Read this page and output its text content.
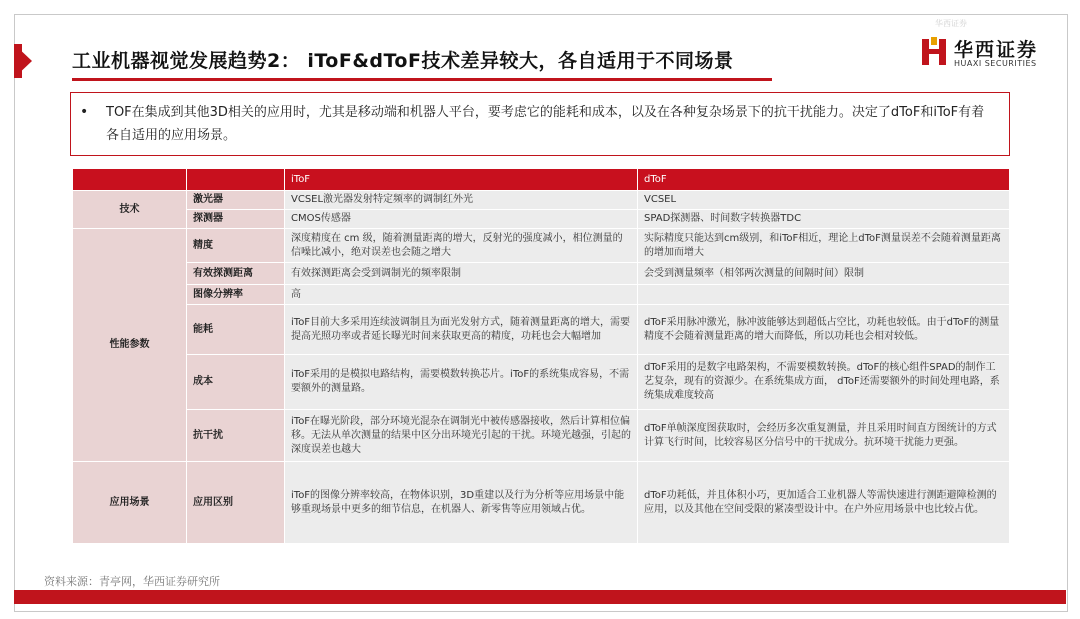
工业机器视觉发展趋势2： iToF&dToF技术差异较大，各自适用于不同场景
华西证券
华西证券
HUAXI SECURITIES
• TOF在集成到其他3D相关的应用时，尤其是移动端和机器人平台，要考虑它的能耗和成本，以及在各种复杂场景下的抗干扰能力。决定了dToF和iToF有着各自适用的应用场景。
		iToF	dToF
技术	激光器	VCSEL激光器发射特定频率的调制红外光	VCSEL
	探测器	CMOS传感器	SPAD探测器、时间数字转换器TDC
性能参数	精度	深度精度在 cm 级，随着测量距离的增大，反射光的强度减小，相位测量的信噪比减小，绝对误差也会随之增大	实际精度只能达到cm级别，和iToF相近，理论上dToF测量误差不会随着测量距离的增加而增大
	有效探测距离	有效探测距离会受到调制光的频率限制	会受到测量频率（相邻两次测量的间隔时间）限制
	图像分辨率	高	
	能耗	iToF目前大多采用连续波调制且为面光发射方式，随着测量距离的增大，需要提高光照功率或者延长曝光时间来获取更高的精度，功耗也会大幅增加	dToF采用脉冲激光，脉冲波能够达到超低占空比，功耗也较低。由于dToF的测量精度不会随着测量距离的增大而降低，所以功耗也会相对较低。
	成本	iToF采用的是模拟电路结构，需要模数转换芯片。iToF的系统集成容易，不需要额外的测量路。	dToF采用的是数字电路架构，不需要模数转换。dToF的核心组件SPAD的制作工艺复杂，现有的资源少。在系统集成方面， dToF还需要额外的时间处理电路，系统集成难度较高
	抗干扰	iToF在曝光阶段，部分环境光混杂在调制光中被传感器接收，然后计算相位偏移。无法从单次测量的结果中区分出环境光引起的干扰。环境光越强，引起的深度误差也越大	dToF单帧深度图获取时，会经历多次重复测量，并且采用时间直方图统计的方式计算飞行时间，比较容易区分信号中的干扰成分。抗环境干扰能力更强。
应用场景	应用区别	iToF的图像分辨率较高，在物体识别，3D重建以及行为分析等应用场景中能够重现场景中更多的细节信息，在机器人、新零售等应用领域占优。	dToF功耗低，并且体积小巧，更加适合工业机器人等需快速进行测距避障检测的应用，以及其他在空间受限的紧凑型设计中。在户外应用场景中也比较占优。
资料来源：青亭网，华西证券研究所
